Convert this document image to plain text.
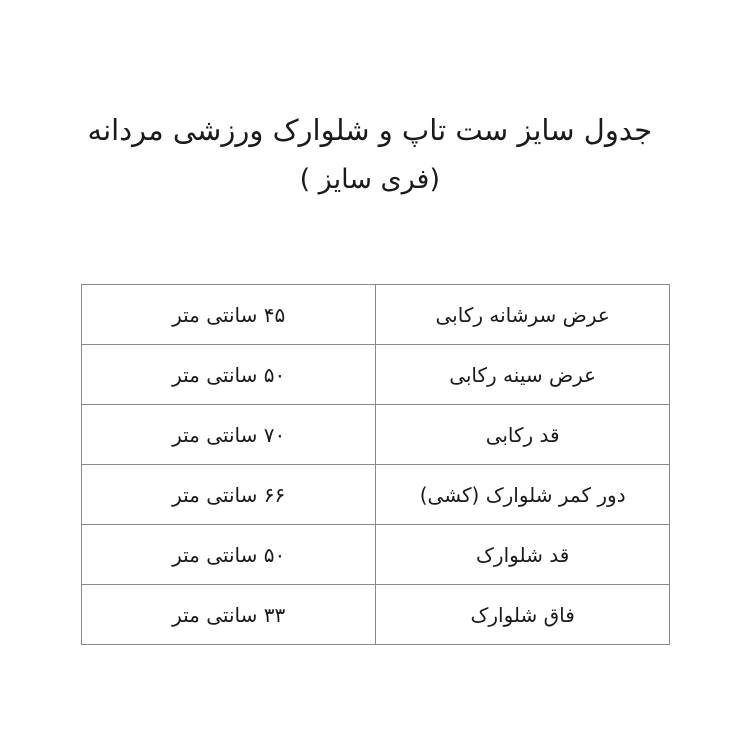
جدول سایز ست تاپ و شلوارک ورزشی مردانه
(فری سایز )
عرض سرشانه رکابی	۴۵ سانتی متر
عرض سینه رکابی	۵۰ سانتی متر
قد رکابی	۷۰ سانتی متر
دور کمر شلوارک (کشی)	۶۶ سانتی متر
قد شلوارک	۵۰ سانتی متر
فاق شلوارک	۳۳ سانتی متر
